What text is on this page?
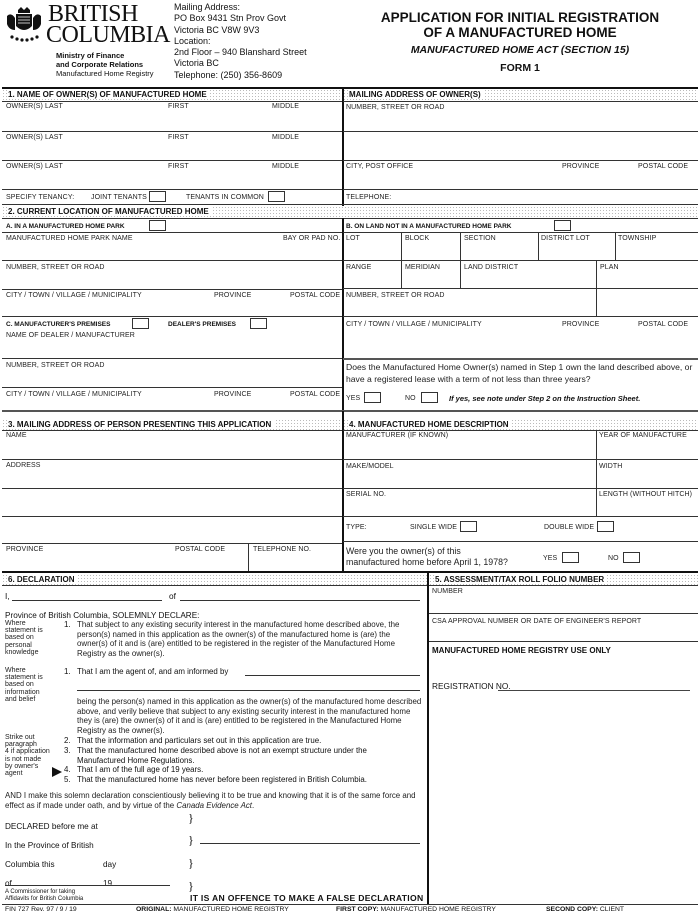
BRITISH
COLUMBIA
Ministry of Finance
and Corporate Relations
Manufactured Home Registry
Mailing Address:
PO Box 9431 Stn Prov Govt
Victoria BC V8W 9V3
Location:
2nd Floor – 940 Blanshard Street
Victoria BC
Telephone: (250) 356-8609
APPLICATION FOR INITIAL REGISTRATION
OF A MANUFACTURED HOME
MANUFACTURED HOME ACT (SECTION 15)
FORM 1
1. NAME OF OWNER(S) OF MANUFACTURED HOME
OWNER(S) LAST	FIRST	MIDDLE
OWNER(S) LAST	FIRST	MIDDLE
OWNER(S) LAST	FIRST	MIDDLE
SPECIFY TENANCY: JOINT TENANTS	TENANTS IN COMMON
MAILING ADDRESS OF OWNER(S)
NUMBER, STREET OR ROAD
CITY, POST OFFICE	PROVINCE	POSTAL CODE
TELEPHONE:
2. CURRENT LOCATION OF MANUFACTURED HOME
A. IN A MANUFACTURED HOME PARK
MANUFACTURED HOME PARK NAME	BAY OR PAD NO.
NUMBER, STREET OR ROAD
CITY / TOWN / VILLAGE / MUNICIPALITY	PROVINCE	POSTAL CODE
C. MANUFACTURER'S PREMISES	DEALER'S PREMISES
NAME OF DEALER / MANUFACTURER
NUMBER, STREET OR ROAD
CITY / TOWN / VILLAGE / MUNICIPALITY	PROVINCE	POSTAL CODE
B. ON LAND NOT IN A MANUFACTURED HOME PARK
LOT	BLOCK	SECTION	DISTRICT LOT	TOWNSHIP
RANGE	MERIDIAN	LAND DISTRICT	PLAN
NUMBER, STREET OR ROAD
CITY / TOWN / VILLAGE / MUNICIPALITY	PROVINCE	POSTAL CODE
Does the Manufactured Home Owner(s) named in Step 1 own the land described above, or have a registered lease with a term of not less than three years?
YES	NO	If yes, see note under Step 2 on the Instruction Sheet.
3. MAILING ADDRESS OF PERSON PRESENTING THIS APPLICATION
NAME
ADDRESS
PROVINCE	POSTAL CODE	TELEPHONE NO.
4. MANUFACTURED HOME DESCRIPTION
MANUFACTURER (IF KNOWN)	YEAR OF MANUFACTURE
MAKE/MODEL	WIDTH
SERIAL NO.	LENGTH (WITHOUT HITCH)
TYPE:	SINGLE WIDE	DOUBLE WIDE
Were you the owner(s) of this
manufactured home before April 1, 1978?	YES	NO
5. ASSESSMENT/TAX ROLL FOLIO NUMBER
NUMBER
CSA APPROVAL NUMBER OR DATE OF ENGINEER'S REPORT
MANUFACTURED HOME REGISTRY USE ONLY
REGISTRATION NO.
6. DECLARATION
I,	of
Province of British Columbia, SOLEMNLY DECLARE:
Where
statement is
based on
personal
knowledge
1. That subject to any existing security interest in the manufactured home described above, the person(s) named in this application as the owner(s) of the manufactured home is (are) the owner(s) of it and is (are) entitled to be registered in the register of the Manufactured Home Registry as the owner(s).
Where
statement is
based on
information
and belief
1. That I am the agent of, and am informed by
being the person(s) named in this application as the owner(s) of the manufactured home described above, and verily believe that subject to any existing security interest in the manufactured home they is (are) the owner(s) of it and is (are) entitled to be registered in the Manufactured Home Registry as the owner(s).
Strike out
paragraph
4 if application
is not made
by owner's
agent
2. That the information and particulars set out in this application are true.
3. That the manufactured home described above is not an exempt structure under the
Manufactured Home Regulations.
4. That I am of the full age of 19 years.
5. That the manufactured home has never before been registered in British Columbia.
AND I make this solemn declaration conscientiously believing it to be true and knowing that it is of the same force and effect as if made under oath, and by virtue of the Canada Evidence Act.
DECLARED before me at
In the Province of British
Columbia this	day
of	19
}
}
}
}
A Commissioner for taking
Affidavits for British Columbia	IT IS AN OFFENCE TO MAKE A FALSE DECLARATION
FIN 727 Rev. 97 / 9 / 19	ORIGINAL: MANUFACTURED HOME REGISTRY	FIRST COPY: MANUFACTURED HOME REGISTRY	SECOND COPY: CLIENT
